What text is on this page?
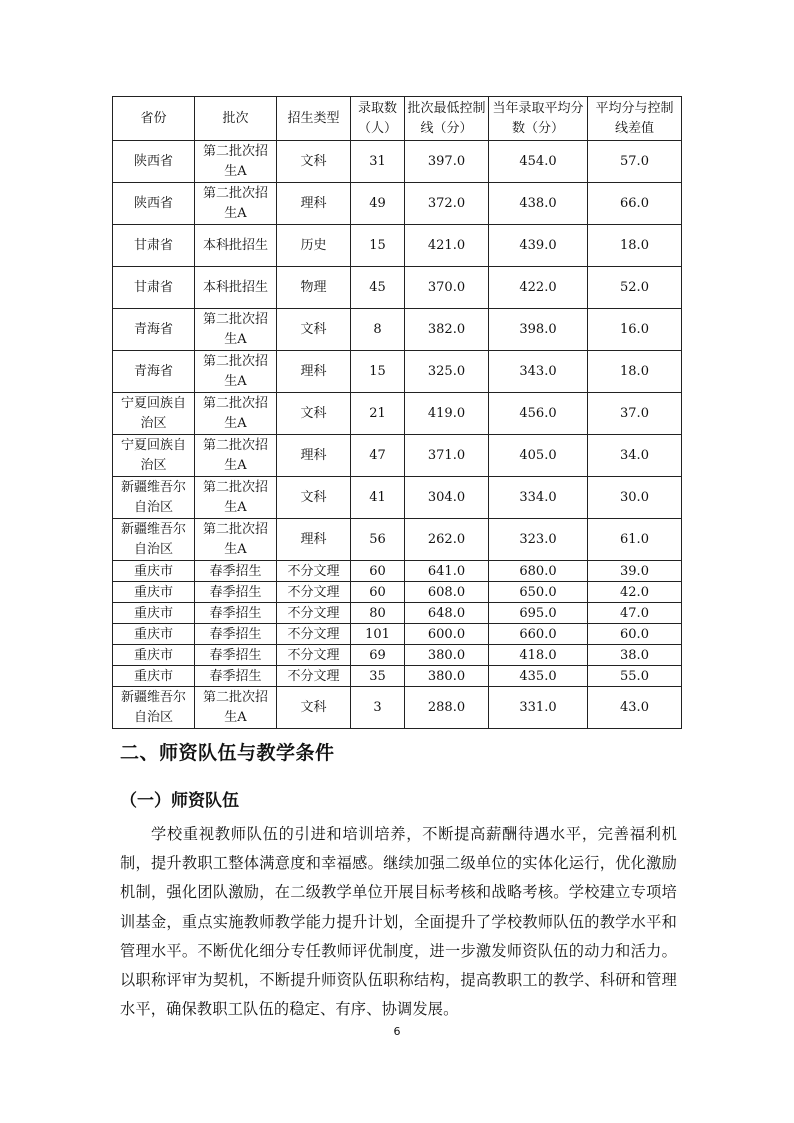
省份	批次	招生类型	录取数（人）	批次最低控制线（分）	当年录取平均分数（分）	平均分与控制线差值

陕西省	第二批次招生A	文科	31	397.0	454.0	57.0
陕西省	第二批次招生A	理科	49	372.0	438.0	66.0
甘肃省	本科批招生	历史	15	421.0	439.0	18.0
甘肃省	本科批招生	物理	45	370.0	422.0	52.0
青海省	第二批次招生A	文科	8	382.0	398.0	16.0
青海省	第二批次招生A	理科	15	325.0	343.0	18.0
宁夏回族自治区	第二批次招生A	文科	21	419.0	456.0	37.0
宁夏回族自治区	第二批次招生A	理科	47	371.0	405.0	34.0
新疆维吾尔自治区	第二批次招生A	文科	41	304.0	334.0	30.0
新疆维吾尔自治区	第二批次招生A	理科	56	262.0	323.0	61.0
重庆市	春季招生	不分文理	60	641.0	680.0	39.0
重庆市	春季招生	不分文理	60	608.0	650.0	42.0
重庆市	春季招生	不分文理	80	648.0	695.0	47.0
重庆市	春季招生	不分文理	101	600.0	660.0	60.0
重庆市	春季招生	不分文理	69	380.0	418.0	38.0
重庆市	春季招生	不分文理	35	380.0	435.0	55.0
新疆维吾尔自治区	第二批次招生A	文科	3	288.0	331.0	43.0
二、师资队伍与教学条件
（一）师资队伍
学校重视教师队伍的引进和培训培养，不断提高薪酬待遇水平，完善福利机制，提升教职工整体满意度和幸福感。继续加强二级单位的实体化运行，优化激励机制，强化团队激励，在二级教学单位开展目标考核和战略考核。学校建立专项培训基金，重点实施教师教学能力提升计划，全面提升了学校教师队伍的教学水平和管理水平。不断优化细分专任教师评优制度，进一步激发师资队伍的动力和活力。以职称评审为契机，不断提升师资队伍职称结构，提高教职工的教学、科研和管理水平，确保教职工队伍的稳定、有序、协调发展。
6
